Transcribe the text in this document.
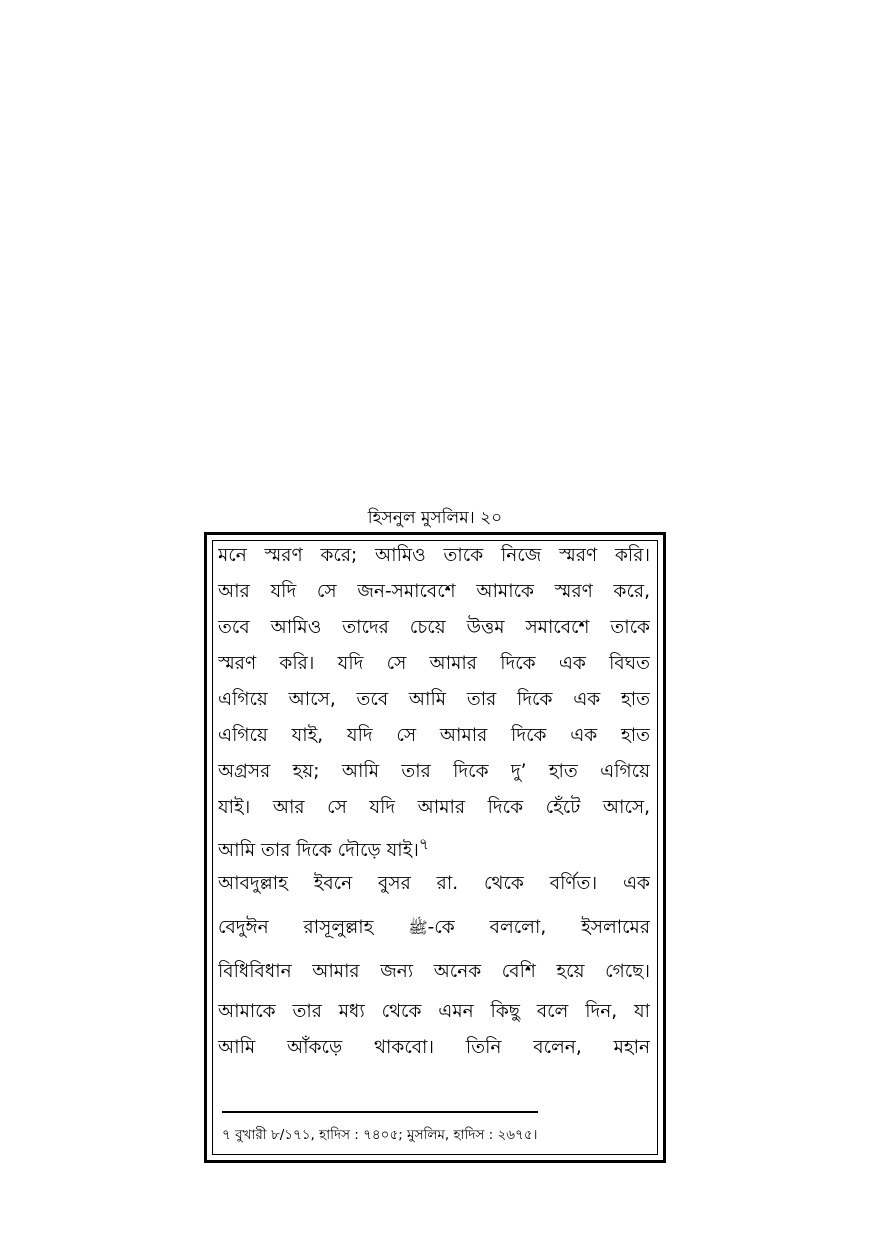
হিসনুল মুসলিম। ২০
মনে স্মরণ করে; আমিও তাকে নিজে স্মরণ করি।
আর যদি সে জন-সমাবেশে আমাকে স্মরণ করে,
তবে আমিও তাদের চেয়ে উত্তম সমাবেশে তাকে
স্মরণ করি। যদি সে আমার দিকে এক বিঘত
এগিয়ে আসে, তবে আমি তার দিকে এক হাত
এগিয়ে যাই, যদি সে আমার দিকে এক হাত
অগ্রসর হয়; আমি তার দিকে দু’ হাত এগিয়ে
যাই। আর সে যদি আমার দিকে হেঁটে আসে,
আমি তার দিকে দৌড়ে যাই।$^৭$
আবদুল্লাহ ইবনে বুসর রা. থেকে বর্ণিত। এক
বেদুঈন রাসূলুল্লাহ ﷺ-কে বললো, ইসলামের
বিধিবিধান আমার জন্য অনেক বেশি হয়ে গেছে।
আমাকে তার মধ্য থেকে এমন কিছু বলে দিন, যা
আমি আঁকড়ে থাকবো। তিনি বলেন, মহান
৭ বুখারী ৮/১৭১, হাদিস : ৭৪০৫; মুসলিম, হাদিস : ২৬৭৫।
